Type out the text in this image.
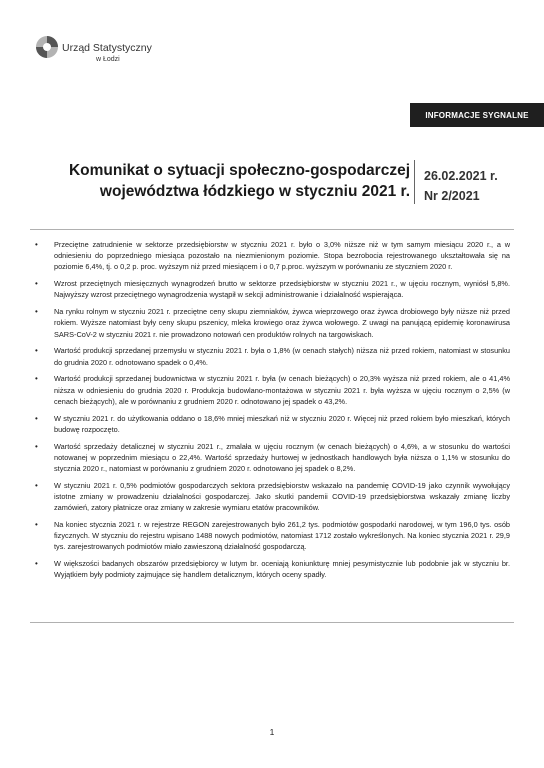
Urząd Statystyczny
w Łodzi
INFORMACJE SYGNALNE
Komunikat o sytuacji społeczno-gospodarczej województwa łódzkiego w styczniu 2021 r.
26.02.2021 r.
Nr 2/2021
•	Przeciętne zatrudnienie w sektorze przedsiębiorstw w styczniu 2021 r. było o 3,0% niższe niż w tym samym miesiącu 2020 r., a w odniesieniu do poprzedniego miesiąca pozostało na niezmienionym poziomie. Stopa bezrobocia rejestrowanego ukształtowała się na poziomie 6,4%, tj. o 0,2 p. proc. wyższym niż przed miesiącem i o 0,7 p.proc. wyższym w porównaniu ze styczniem 2020 r.
•	Wzrost przeciętnych miesięcznych wynagrodzeń brutto w sektorze przedsiębiorstw w styczniu 2021 r., w ujęciu rocznym, wyniósł 5,8%. Najwyższy wzrost przeciętnego wynagrodzenia wystąpił w sekcji administrowanie i działalność wspierająca.
•	Na rynku rolnym w styczniu 2021 r. przeciętne ceny skupu ziemniaków, żywca wieprzowego oraz żywca drobiowego były niższe niż przed rokiem. Wyższe natomiast były ceny skupu pszenicy, mleka krowiego oraz żywca wołowego. Z uwagi na panującą epidemię koronawirusa SARS-CoV-2 w styczniu 2021 r. nie prowadzono notowań cen produktów rolnych na targowiskach.
•	Wartość produkcji sprzedanej przemysłu w styczniu 2021 r. była o 1,8% (w cenach stałych) niższa niż przed rokiem, natomiast w stosunku do grudnia 2020 r. odnotowano spadek o 0,4%.
•	Wartość produkcji sprzedanej budownictwa w styczniu 2021 r. była (w cenach bieżących) o 20,3% wyższa niż przed rokiem, ale o 41,4% niższa w odniesieniu do grudnia 2020 r. Produkcja budowlano-montażowa w styczniu 2021 r. była wyższa w ujęciu rocznym o 2,5% (w cenach bieżących), ale w porównaniu z grudniem 2020 r. odnotowano jej spadek o 43,2%.
•	W styczniu 2021 r. do użytkowania oddano o 18,6% mniej mieszkań niż w styczniu 2020 r. Więcej niż przed rokiem było mieszkań, których budowę rozpoczęto.
•	Wartość sprzedaży detalicznej w styczniu 2021 r., zmalała w ujęciu rocznym (w cenach bieżących) o 4,6%, a w stosunku do wartości notowanej w poprzednim miesiącu o 22,4%. Wartość sprzedaży hurtowej w jednostkach handlowych była niższa o 1,1% w stosunku do stycznia 2020 r., natomiast w porównaniu z grudniem 2020 r. odnotowano jej spadek o 8,2%.
•	W styczniu 2021 r. 0,5% podmiotów gospodarczych sektora przedsiębiorstw wskazało na pandemię COVID-19 jako czynnik wywołujący istotne zmiany w prowadzeniu działalności gospodarczej. Jako skutki pandemii COVID-19 przedsiębiorstwa wskazały zmianę liczby zamówień, zatory płatnicze oraz zmiany w zakresie wymiaru etatów pracowników.
•	Na koniec stycznia 2021 r. w rejestrze REGON zarejestrowanych było 261,2 tys. podmiotów gospodarki narodowej, w tym 196,0 tys. osób fizycznych. W styczniu do rejestru wpisano 1488 nowych podmiotów, natomiast 1712 zostało wykreślonych. Na koniec stycznia 2021 r. 29,9 tys. zarejestrowanych podmiotów miało zawieszoną działalność gospodarczą.
•	W większości badanych obszarów przedsiębiorcy w lutym br. oceniają koniunkturę mniej pesymistycznie lub podobnie jak w styczniu br. Wyjątkiem były podmioty zajmujące się handlem detalicznym, których oceny spadły.
1
